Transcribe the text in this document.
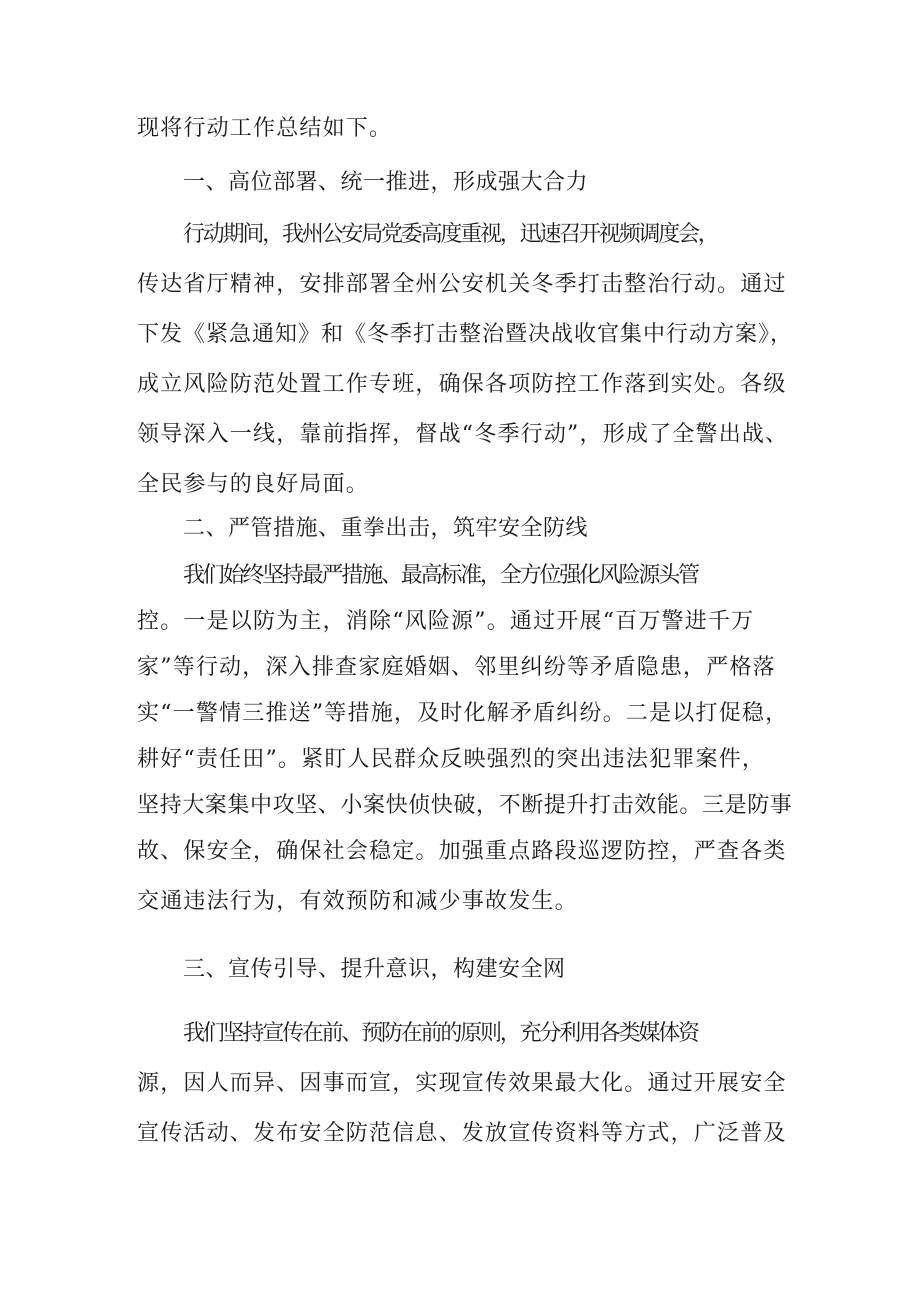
现将行动工作总结如下。
一、高位部署、统一推进，形成强大合力
行动期间，我州公安局党委高度重视，迅速召开视频调度会，
传达省厅精神，安排部署全州公安机关冬季打击整治行动。通过
下发《紧急通知》和《冬季打击整治暨决战收官集中行动方案》，
成立风险防范处置工作专班，确保各项防控工作落到实处。各级
领导深入一线，靠前指挥，督战“冬季行动”，形成了全警出战、
全民参与的良好局面。
二、严管措施、重拳出击，筑牢安全防线
我们始终坚持最严措施、最高标准，全方位强化风险源头管
控。一是以防为主，消除“风险源”。通过开展“百万警进千万
家”等行动，深入排查家庭婚姻、邻里纠纷等矛盾隐患，严格落
实“一警情三推送”等措施，及时化解矛盾纠纷。二是以打促稳，
耕好“责任田”。紧盯人民群众反映强烈的突出违法犯罪案件，
坚持大案集中攻坚、小案快侦快破，不断提升打击效能。三是防事
故、保安全，确保社会稳定。加强重点路段巡逻防控，严查各类
交通违法行为，有效预防和减少事故发生。
三、宣传引导、提升意识，构建安全网
我们坚持宣传在前、预防在前的原则，充分利用各类媒体资
源，因人而异、因事而宣，实现宣传效果最大化。通过开展安全
宣传活动、发布安全防范信息、发放宣传资料等方式，广泛普及
